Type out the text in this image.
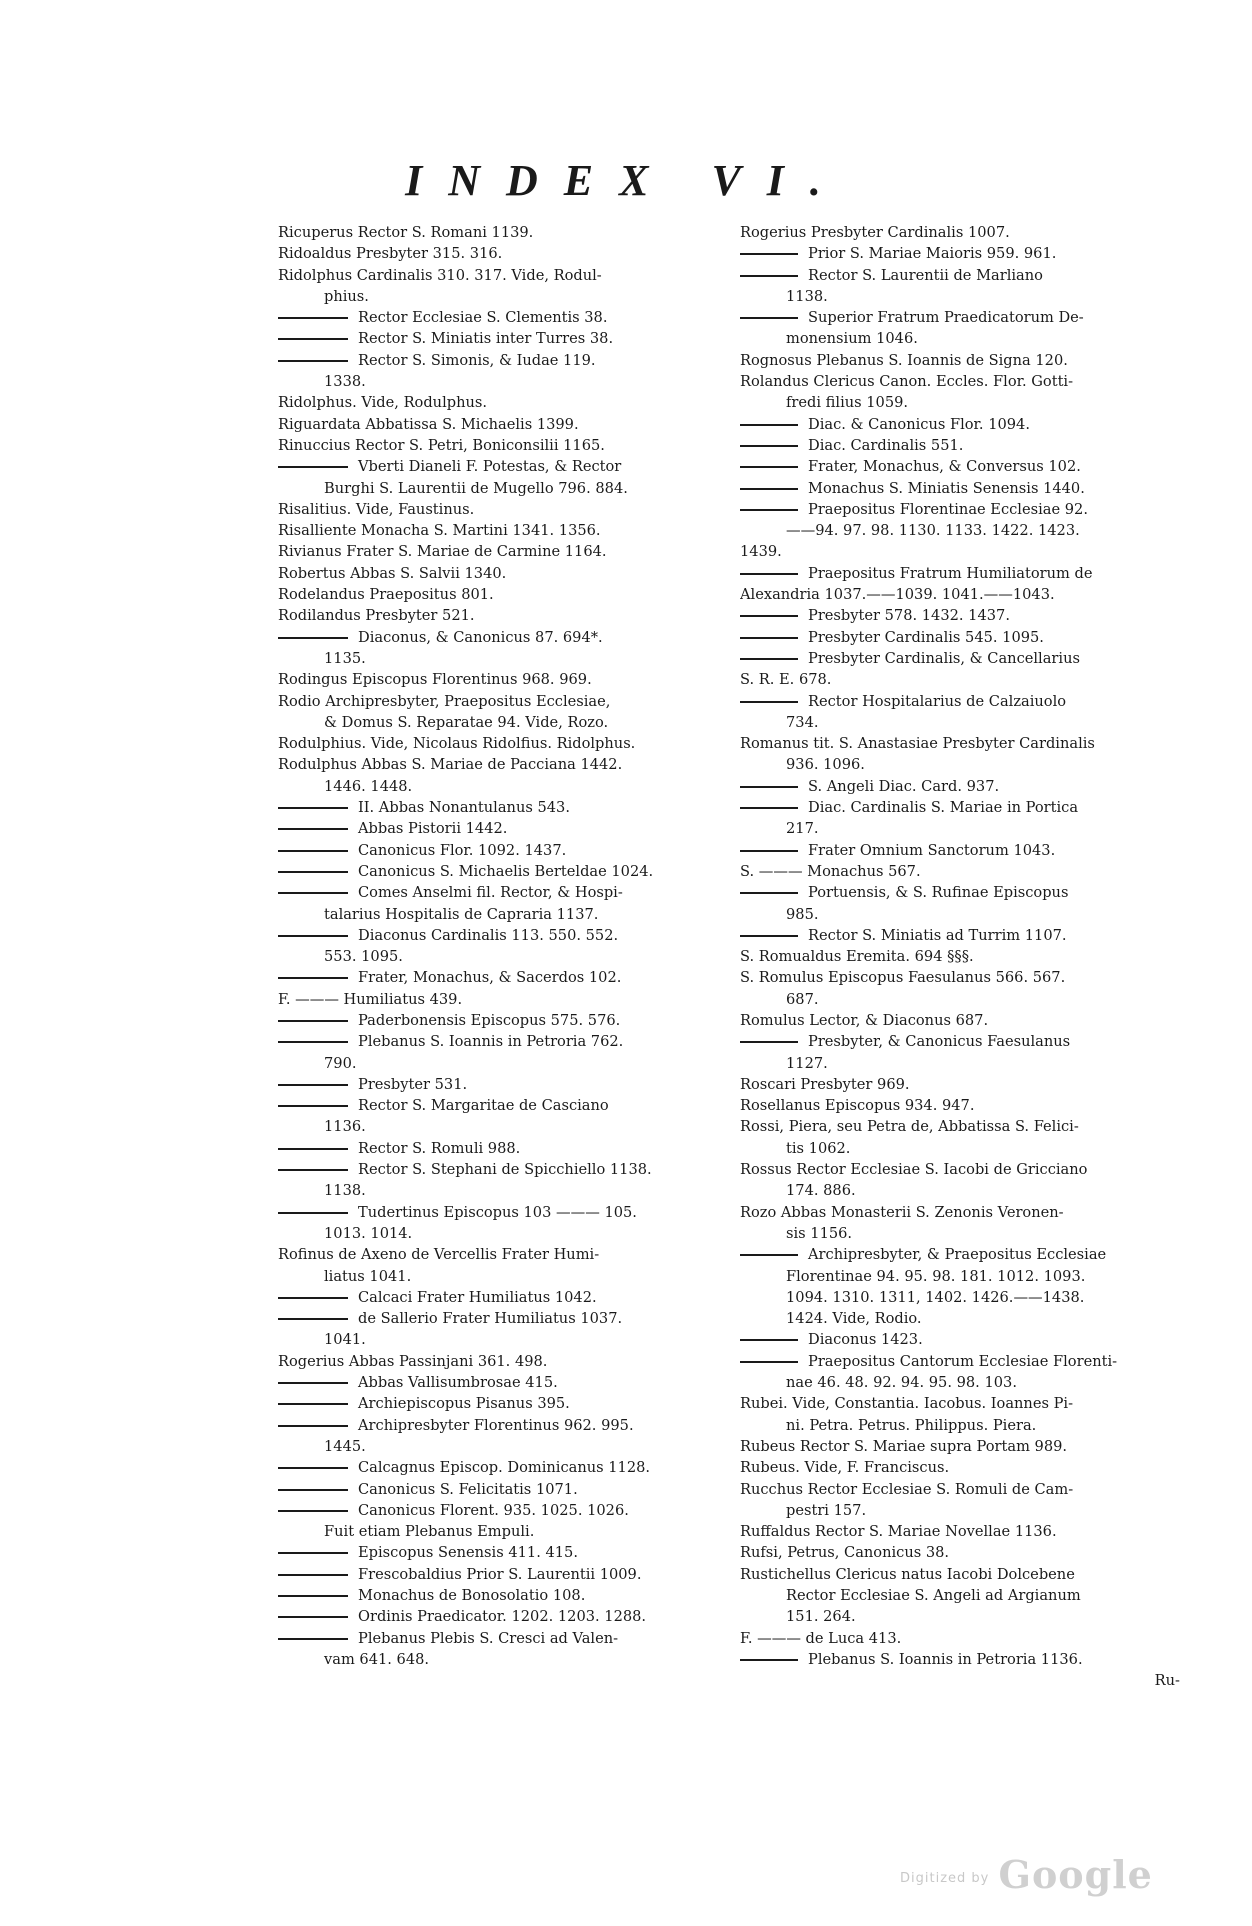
INDEX VI.
Ricuperus Rector S. Romani 1139.
Ridoaldus Presbyter 315. 316.
Ridolphus Cardinalis 310. 317. Vide, Rodul-
phius.
Rector Ecclesiae S. Clementis 38.
Rector S. Miniatis inter Turres 38.
Rector S. Simonis, & Iudae 119.
1338.
Ridolphus. Vide, Rodulphus.
Riguardata Abbatissa S. Michaelis 1399.
Rinuccius Rector S. Petri, Boniconsilii 1165.
Vberti Dianeli F. Potestas, & Rector
Burghi S. Laurentii de Mugello 796. 884.
Risalitius. Vide, Faustinus.
Risalliente Monacha S. Martini 1341. 1356.
Rivianus Frater S. Mariae de Carmine 1164.
Robertus Abbas S. Salvii 1340.
Rodelandus Praepositus 801.
Rodilandus Presbyter 521.
Diaconus, & Canonicus 87. 694*.
1135.
Rodingus Episcopus Florentinus 968. 969.
Rodio Archipresbyter, Praepositus Ecclesiae,
& Domus S. Reparatae 94. Vide, Rozo.
Rodulphius. Vide, Nicolaus Ridolfius. Ridolphus.
Rodulphus Abbas S. Mariae de Pacciana 1442.
1446. 1448.
II. Abbas Nonantulanus 543.
Abbas Pistorii 1442.
Canonicus Flor. 1092. 1437.
Canonicus S. Michaelis Berteldae 1024.
Comes Anselmi fil. Rector, & Hospi-
talarius Hospitalis de Capraria 1137.
Diaconus Cardinalis 113. 550. 552.
553. 1095.
Frater, Monachus, & Sacerdos 102.
F. ——— Humiliatus 439.
Paderbonensis Episcopus 575. 576.
Plebanus S. Ioannis in Petroria 762.
790.
Presbyter 531.
Rector S. Margaritae de Casciano
1136.
Rector S. Romuli 988.
Rector S. Stephani de Spicchiello 1138.
1138.
Tudertinus Episcopus 103 ——— 105.
1013. 1014.
Rofinus de Axeno de Vercellis Frater Humi-
liatus 1041.
Calcaci Frater Humiliatus 1042.
de Sallerio Frater Humiliatus 1037.
1041.
Rogerius Abbas Passinjani 361. 498.
Abbas Vallisumbrosae 415.
Archiepiscopus Pisanus 395.
Archipresbyter Florentinus 962. 995.
1445.
Calcagnus Episcop. Dominicanus 1128.
Canonicus S. Felicitatis 1071.
Canonicus Florent. 935. 1025. 1026.
Fuit etiam Plebanus Empuli.
Episcopus Senensis 411. 415.
Frescobaldius Prior S. Laurentii 1009.
Monachus de Bonosolatio 108.
Ordinis Praedicator. 1202. 1203. 1288.
Plebanus Plebis S. Cresci ad Valen-
vam 641. 648.
Rogerius Presbyter Cardinalis 1007.
Prior S. Mariae Maioris 959. 961.
Rector S. Laurentii de Marliano
1138.
Superior Fratrum Praedicatorum De-
monensium 1046.
Rognosus Plebanus S. Ioannis de Signa 120.
Rolandus Clericus Canon. Eccles. Flor. Gotti-
fredi filius 1059.
Diac. & Canonicus Flor. 1094.
Diac. Cardinalis 551.
Frater, Monachus, & Conversus 102.
Monachus S. Miniatis Senensis 1440.
Praepositus Florentinae Ecclesiae 92.
——94. 97. 98. 1130. 1133. 1422. 1423.
1439.
Praepositus Fratrum Humiliatorum de
Alexandria 1037.——1039. 1041.——1043.
Presbyter 578. 1432. 1437.
Presbyter Cardinalis 545. 1095.
Presbyter Cardinalis, & Cancellarius
S. R. E. 678.
Rector Hospitalarius de Calzaiuolo
734.
Romanus tit. S. Anastasiae Presbyter Cardinalis
936. 1096.
S. Angeli Diac. Card. 937.
Diac. Cardinalis S. Mariae in Portica
217.
Frater Omnium Sanctorum 1043.
S. ——— Monachus 567.
Portuensis, & S. Rufinae Episcopus
985.
Rector S. Miniatis ad Turrim 1107.
S. Romualdus Eremita. 694 §§§.
S. Romulus Episcopus Faesulanus 566. 567.
687.
Romulus Lector, & Diaconus 687.
Presbyter, & Canonicus Faesulanus
1127.
Roscari Presbyter 969.
Rosellanus Episcopus 934. 947.
Rossi, Piera, seu Petra de, Abbatissa S. Felici-
tis 1062.
Rossus Rector Ecclesiae S. Iacobi de Gricciano
174. 886.
Rozo Abbas Monasterii S. Zenonis Veronen-
sis 1156.
Archipresbyter, & Praepositus Ecclesiae
Florentinae 94. 95. 98. 181. 1012. 1093.
1094. 1310. 1311, 1402. 1426.——1438.
1424. Vide, Rodio.
Diaconus 1423.
Praepositus Cantorum Ecclesiae Florenti-
nae 46. 48. 92. 94. 95. 98. 103.
Rubei. Vide, Constantia. Iacobus. Ioannes Pi-
ni. Petra. Petrus. Philippus. Piera.
Rubeus Rector S. Mariae supra Portam 989.
Rubeus. Vide, F. Franciscus.
Rucchus Rector Ecclesiae S. Romuli de Cam-
pestri 157.
Ruffaldus Rector S. Mariae Novellae 1136.
Rufsi, Petrus, Canonicus 38.
Rustichellus Clericus natus Iacobi Dolcebene
Rector Ecclesiae S. Angeli ad Argianum
151. 264.
F. ——— de Luca 413.
Plebanus S. Ioannis in Petroria 1136.
Ru-
Digitized by Google
